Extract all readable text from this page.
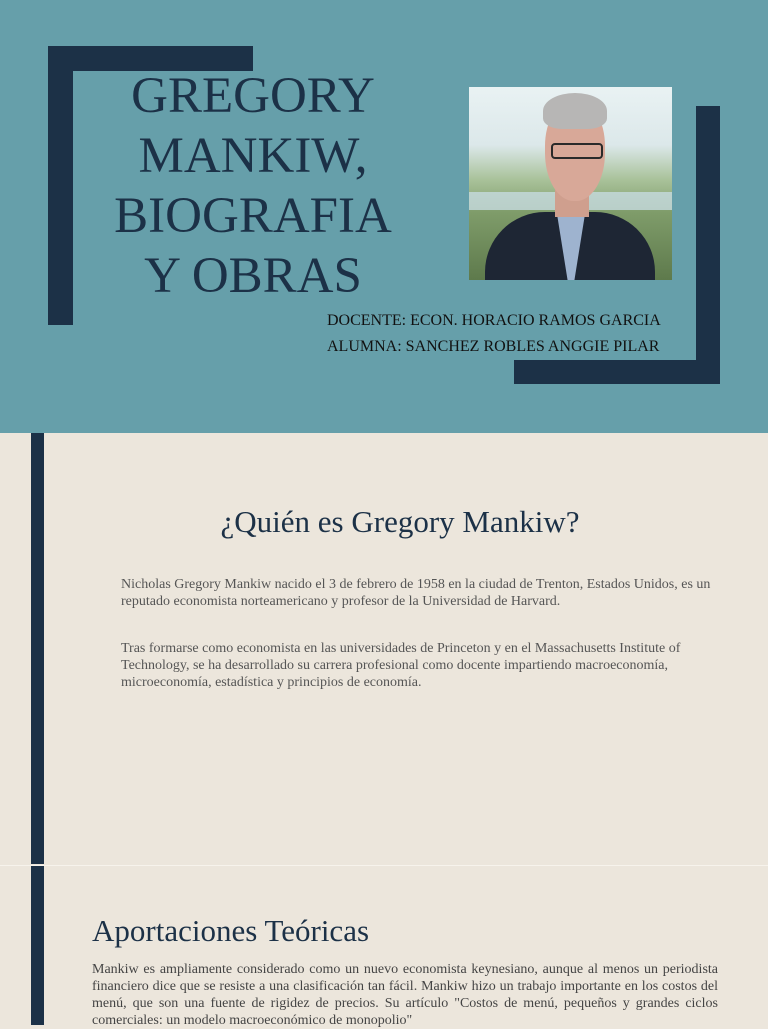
GREGORY
MANKIW,
BIOGRAFIA
Y OBRAS

DOCENTE: ECON. HORACIO RAMOS GARCIA

ALUMNA: SANCHEZ ROBLES ANGGIE PILAR

¿Quién es Gregory Mankiw?

Nicholas Gregory Mankiw nacido el 3 de febrero de 1958 en la ciudad de Trenton, Estados Unidos, es un reputado economista norteamericano y profesor de la Universidad de Harvard.

Tras formarse como economista en las universidades de Princeton y en el Massachusetts Institute of Technology, se ha desarrollado su carrera profesional como docente impartiendo macroeconomía, microeconomía, estadística y principios de economía.

Aportaciones Teóricas

Mankiw es ampliamente considerado como un nuevo economista keynesiano, aunque al menos un periodista financiero dice que se resiste a una clasificación tan fácil. Mankiw hizo un trabajo importante en los costos del menú, que son una fuente de rigidez de precios. Su artículo "Costos de menú, pequeños y grandes ciclos comerciales: un modelo macroeconómico de monopolio"
